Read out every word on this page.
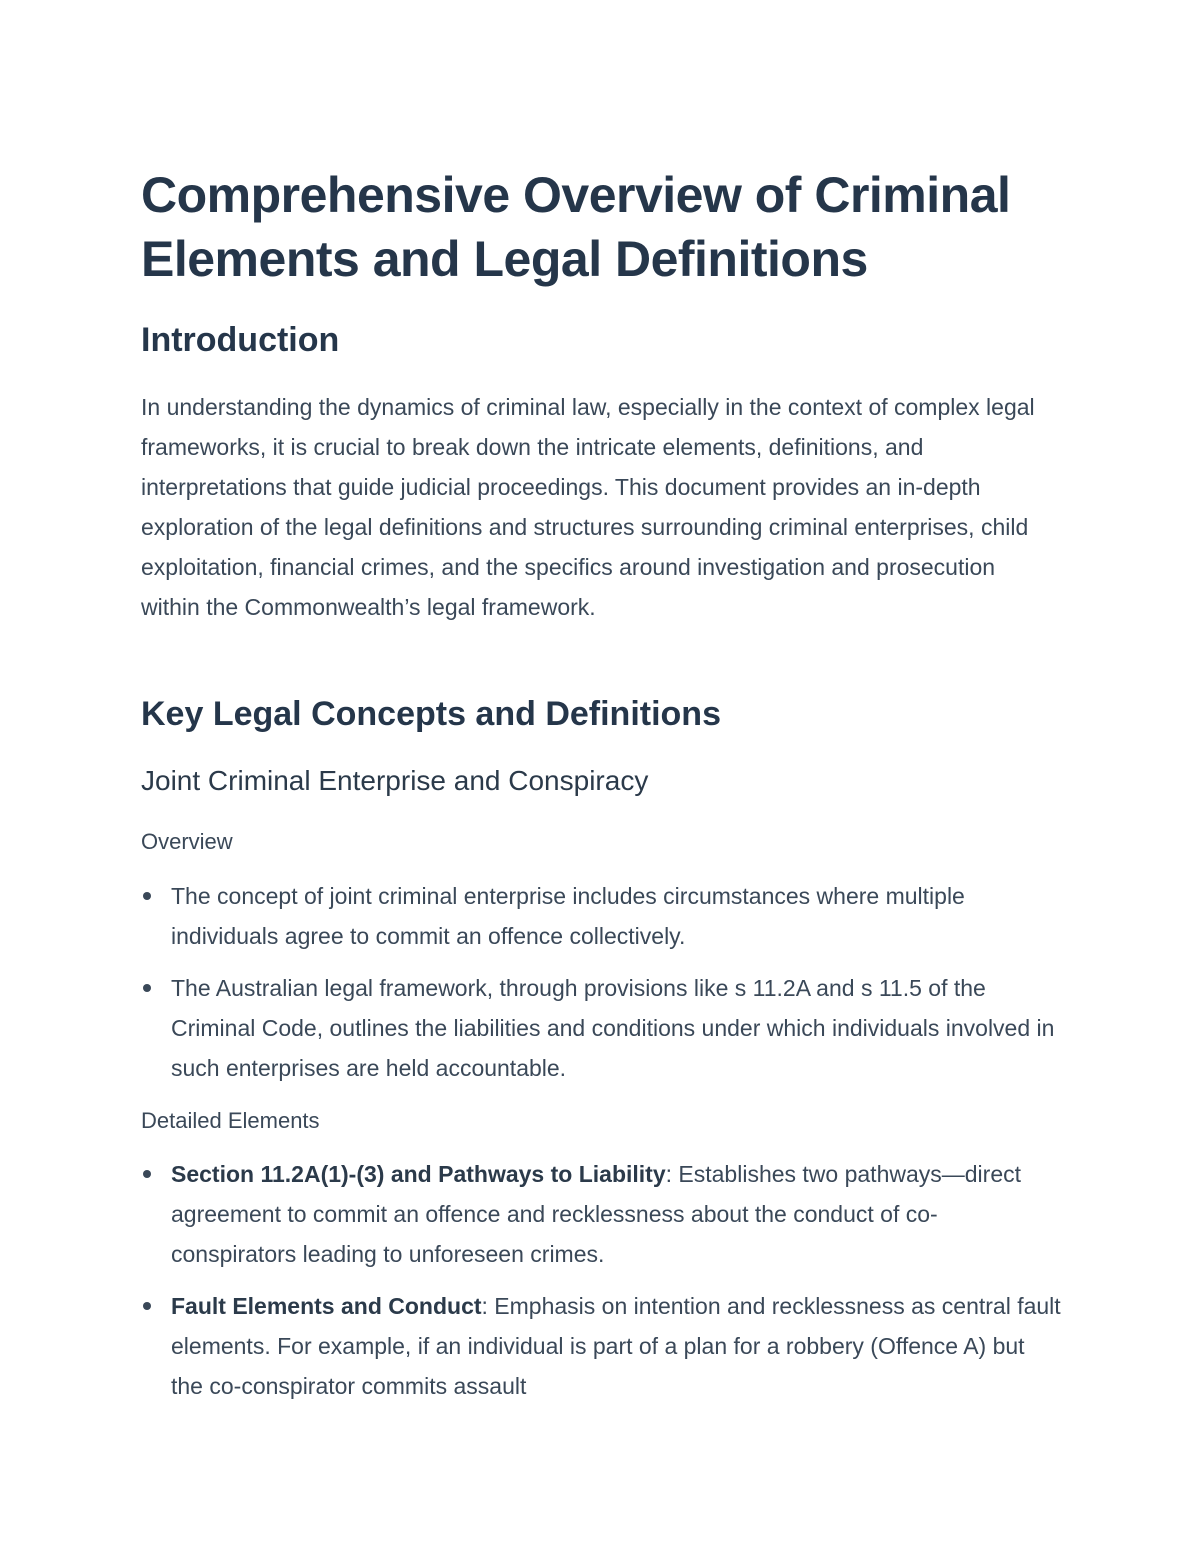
Comprehensive Overview of Criminal Elements and Legal Definitions
Introduction

In understanding the dynamics of criminal law, especially in the context of complex legal frameworks, it is crucial to break down the intricate elements, definitions, and interpretations that guide judicial proceedings. This document provides an in-depth exploration of the legal definitions and structures surrounding criminal enterprises, child exploitation, financial crimes, and the specifics around investigation and prosecution within the Commonwealth’s legal framework.

Key Legal Concepts and Definitions
Joint Criminal Enterprise and Conspiracy
Overview
The concept of joint criminal enterprise includes circumstances where multiple individuals agree to commit an offence collectively.
The Australian legal framework, through provisions like s 11.2A and s 11.5 of the Criminal Code, outlines the liabilities and conditions under which individuals involved in such enterprises are held accountable.
Detailed Elements
Section 11.2A(1)-(3) and Pathways to Liability: Establishes two pathways—direct agreement to commit an offence and recklessness about the conduct of co-conspirators leading to unforeseen crimes.
Fault Elements and Conduct: Emphasis on intention and recklessness as central fault elements. For example, if an individual is part of a plan for a robbery (Offence A) but the co-conspirator commits assault
